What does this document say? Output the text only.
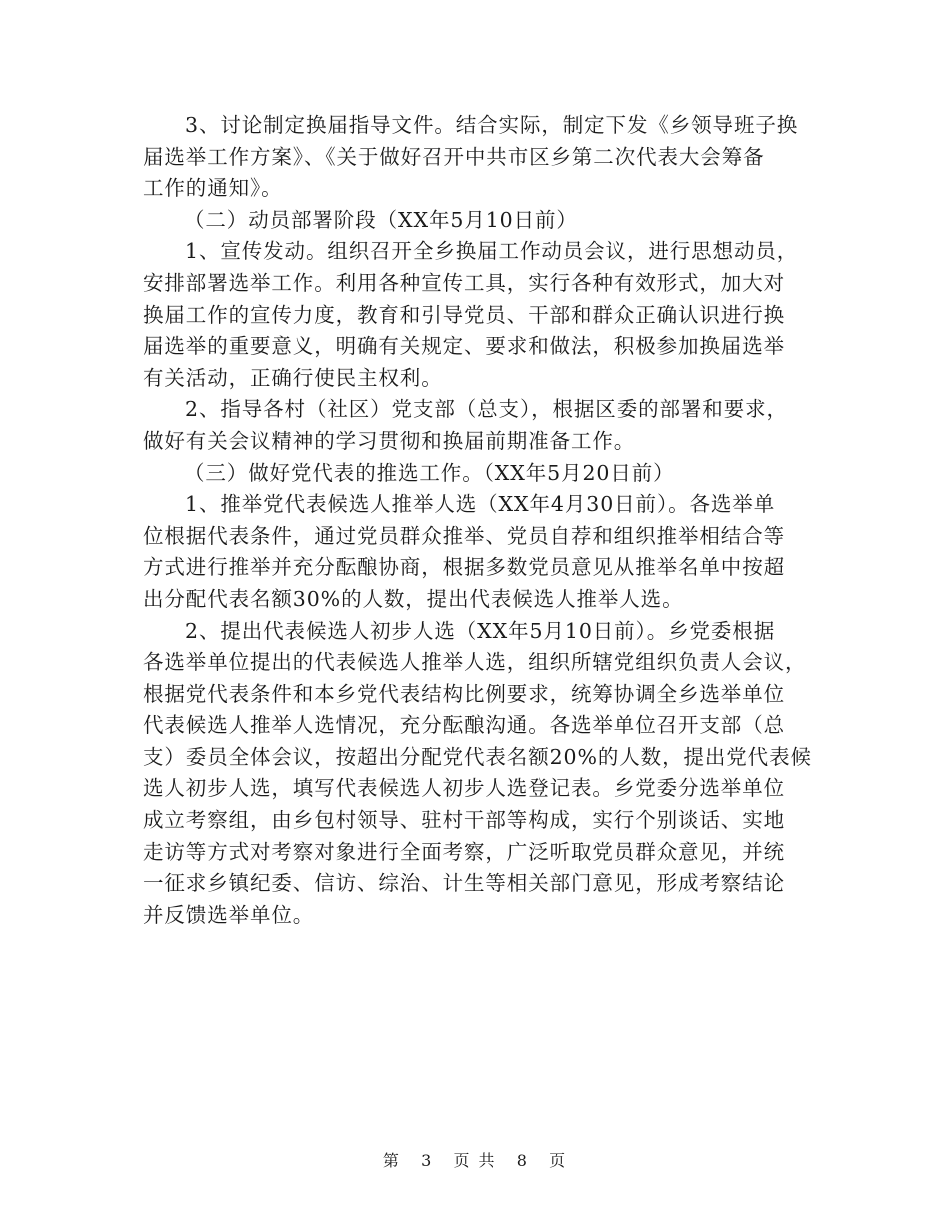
3、讨论制定换届指导文件。结合实际，制定下发《乡领导班子换
届选举工作方案》、《关于做好召开中共市区乡第二次代表大会筹备
工作的通知》。
（二）动员部署阶段（XX年5月10日前）
1、宣传发动。组织召开全乡换届工作动员会议，进行思想动员，
安排部署选举工作。利用各种宣传工具，实行各种有效形式，加大对
换届工作的宣传力度，教育和引导党员、干部和群众正确认识进行换
届选举的重要意义，明确有关规定、要求和做法，积极参加换届选举
有关活动，正确行使民主权利。
2、指导各村（社区）党支部（总支），根据区委的部署和要求，
做好有关会议精神的学习贯彻和换届前期准备工作。
（三）做好党代表的推选工作。（XX年5月20日前）
1、推举党代表候选人推举人选（XX年4月30日前）。各选举单
位根据代表条件，通过党员群众推举、党员自荐和组织推举相结合等
方式进行推举并充分酝酿协商，根据多数党员意见从推举名单中按超
出分配代表名额30%的人数，提出代表候选人推举人选。
2、提出代表候选人初步人选（XX年5月10日前）。乡党委根据
各选举单位提出的代表候选人推举人选，组织所辖党组织负责人会议，
根据党代表条件和本乡党代表结构比例要求，统筹协调全乡选举单位
代表候选人推举人选情况，充分酝酿沟通。各选举单位召开支部（总
支）委员全体会议，按超出分配党代表名额20%的人数，提出党代表候
选人初步人选，填写代表候选人初步人选登记表。乡党委分选举单位
成立考察组，由乡包村领导、驻村干部等构成，实行个别谈话、实地
走访等方式对考察对象进行全面考察，广泛听取党员群众意见，并统
一征求乡镇纪委、信访、综治、计生等相关部门意见，形成考察结论
并反馈选举单位。
第 3 页 共 8 页
